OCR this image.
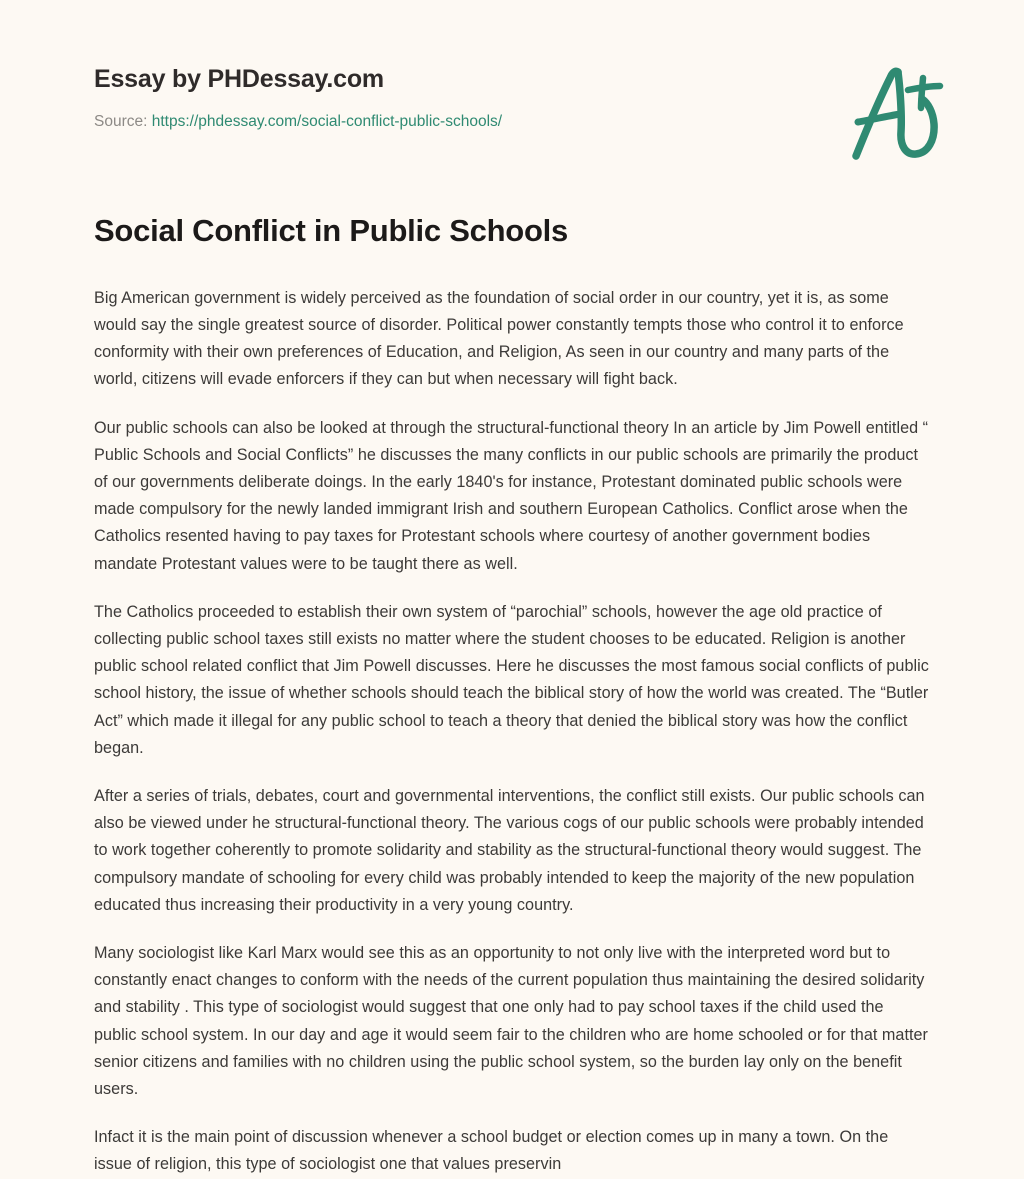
Essay by PHDessay.com
Source: https://phdessay.com/social-conflict-public-schools/
Social Conflict in Public Schools

Big American government is widely perceived as the foundation of social order in our country, yet it is, as some would say the single greatest source of disorder. Political power constantly tempts those who control it to enforce conformity with their own preferences of Education, and Religion, As seen in our country and many parts of the world, citizens will evade enforcers if they can but when necessary will fight back.

Our public schools can also be looked at through the structural-functional theory In an article by Jim Powell entitled “ Public Schools and Social Conflicts” he discusses the many conflicts in our public schools are primarily the product of our governments deliberate doings. In the early 1840's for instance, Protestant dominated public schools were made compulsory for the newly landed immigrant Irish and southern European Catholics. Conflict arose when the Catholics resented having to pay taxes for Protestant schools where courtesy of another government bodies mandate Protestant values were to be taught there as well.

The Catholics proceeded to establish their own system of “parochial” schools, however the age old practice of collecting public school taxes still exists no matter where the student chooses to be educated. Religion is another public school related conflict that Jim Powell discusses. Here he discusses the most famous social conflicts of public school history, the issue of whether schools should teach the biblical story of how the world was created. The “Butler Act” which made it illegal for any public school to teach a theory that denied the biblical story was how the conflict began.

After a series of trials, debates, court and governmental interventions, the conflict still exists. Our public schools can also be viewed under he structural-functional theory. The various cogs of our public schools were probably intended to work together coherently to promote solidarity and stability as the structural-functional theory would suggest. The compulsory mandate of schooling for every child was probably intended to keep the majority of the new population educated thus increasing their productivity in a very young country.

Many sociologist like Karl Marx would see this as an opportunity to not only live with the interpreted word but to constantly enact changes to conform with the needs of the current population thus maintaining the desired solidarity and stability . This type of sociologist would suggest that one only had to pay school taxes if the child used the public school system. In our day and age it would seem fair to the children who are home schooled or for that matter senior citizens and families with no children using the public school system, so the burden lay only on the benefit users.

Infact it is the main point of discussion whenever a school budget or election comes up in many a town. On the issue of religion, this type of sociologist one that values preservin
